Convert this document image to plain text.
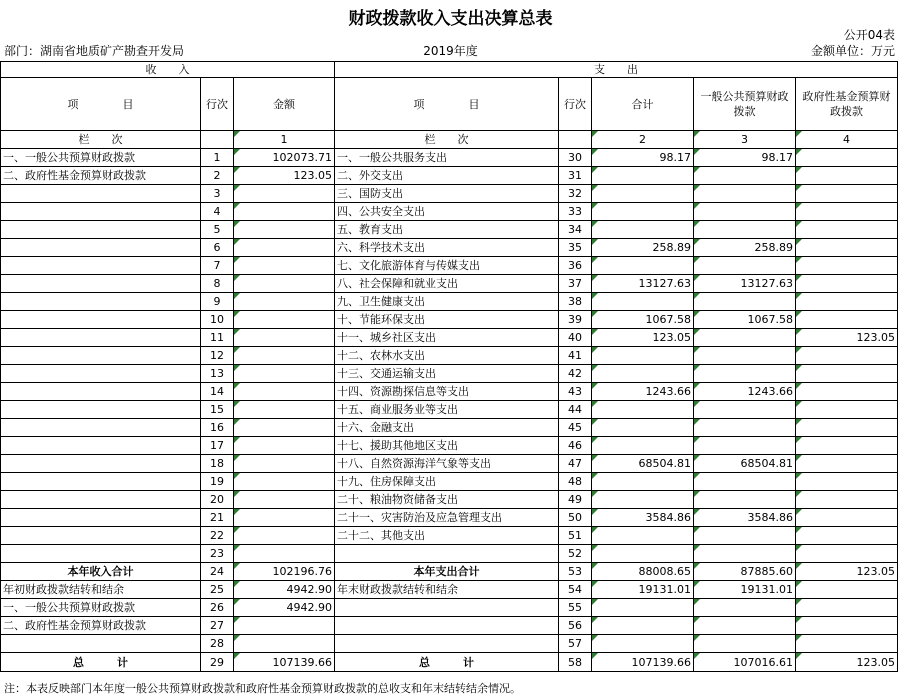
财政拨款收入支出决算总表
公开04表
部门：湖南省地质矿产勘查开发局	2019年度	金额单位：万元
收　　入			支　　出				
项　　　　目	行次	金额	项　　　　目	行次	合计	一般公共预算财政拨款	政府性基金预算财政拨款
栏　　次		1	栏　　次		2	3	4
一、一般公共预算财政拨款	1	102073.71	一、一般公共服务支出	30	98.17	98.17	
二、政府性基金预算财政拨款	2	123.05	二、外交支出	31			
	3		三、国防支出	32			
	4		四、公共安全支出	33			
	5		五、教育支出	34			
	6		六、科学技术支出	35	258.89	258.89	
	7		七、文化旅游体育与传媒支出	36			
	8		八、社会保障和就业支出	37	13127.63	13127.63	
	9		九、卫生健康支出	38			
	10		十、节能环保支出	39	1067.58	1067.58	
	11		十一、城乡社区支出	40	123.05		123.05
	12		十二、农林水支出	41			
	13		十三、交通运输支出	42			
	14		十四、资源勘探信息等支出	43	1243.66	1243.66	
	15		十五、商业服务业等支出	44			
	16		十六、金融支出	45			
	17		十七、援助其他地区支出	46			
	18		十八、自然资源海洋气象等支出	47	68504.81	68504.81	
	19		十九、住房保障支出	48			
	20		二十、粮油物资储备支出	49			
	21		二十一、灾害防治及应急管理支出	50	3584.86	3584.86	
	22		二十二、其他支出	51			
	23			52			
本年收入合计	24	102196.76	本年支出合计	53	88008.65	87885.60	123.05
年初财政拨款结转和结余	25	4942.90	年末财政拨款结转和结余	54	19131.01	19131.01	
一、一般公共预算财政拨款	26	4942.90		55			
二、政府性基金预算财政拨款	27			56			
	28			57			
总　　　计	29	107139.66	总　　　计	58	107139.66	107016.61	123.05
注：本表反映部门本年度一般公共预算财政拨款和政府性基金预算财政拨款的总收支和年末结转结余情况。
